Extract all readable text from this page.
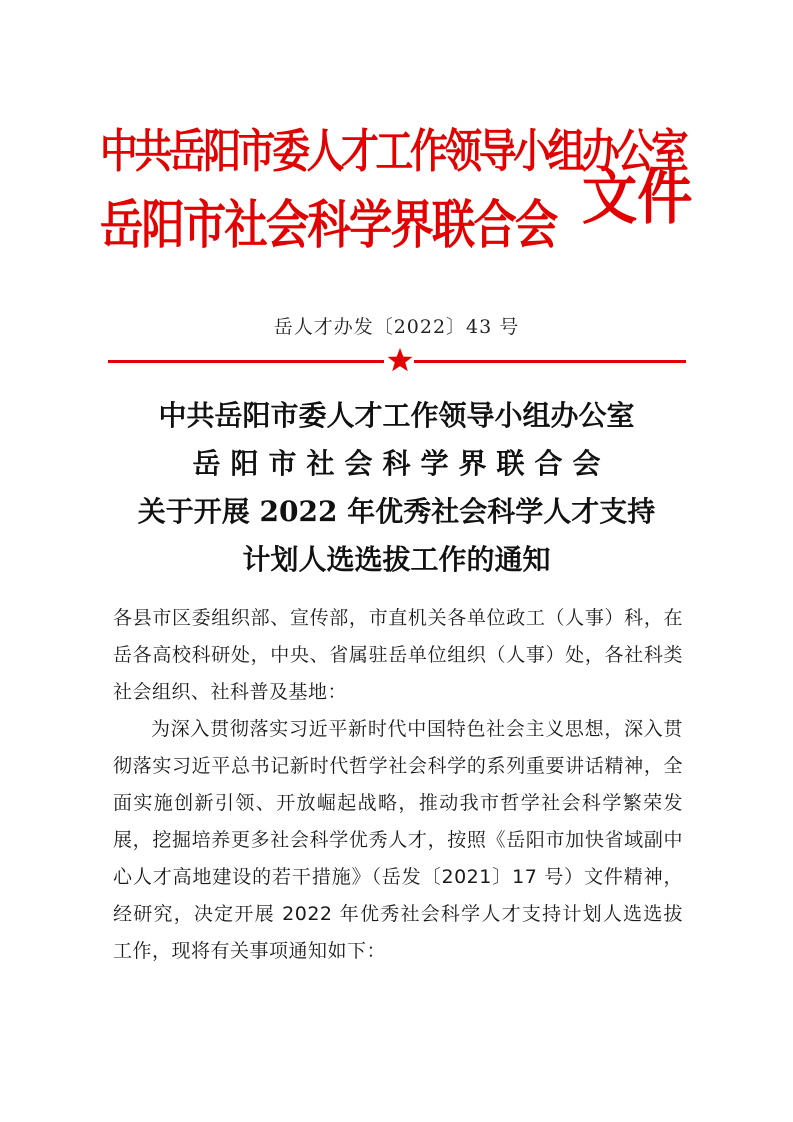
中共岳阳市委人才工作领导小组办公室
岳阳市社会科学界联合会 文件
岳人才办发〔2022〕43 号
中共岳阳市委人才工作领导小组办公室
岳阳市社会科学界联合会
关于开展 2022 年优秀社会科学人才支持
计划人选选拔工作的通知

各县市区委组织部、宣传部，市直机关各单位政工（人事）科，在岳各高校科研处，中央、省属驻岳单位组织（人事）处，各社科类社会组织、社科普及基地：

为深入贯彻落实习近平新时代中国特色社会主义思想，深入贯彻落实习近平总书记新时代哲学社会科学的系列重要讲话精神，全面实施创新引领、开放崛起战略，推动我市哲学社会科学繁荣发展，挖掘培养更多社会科学优秀人才，按照《岳阳市加快省域副中心人才高地建设的若干措施》（岳发〔2021〕17 号）文件精神，经研究，决定开展 2022 年优秀社会科学人才支持计划人选选拔工作，现将有关事项通知如下：
